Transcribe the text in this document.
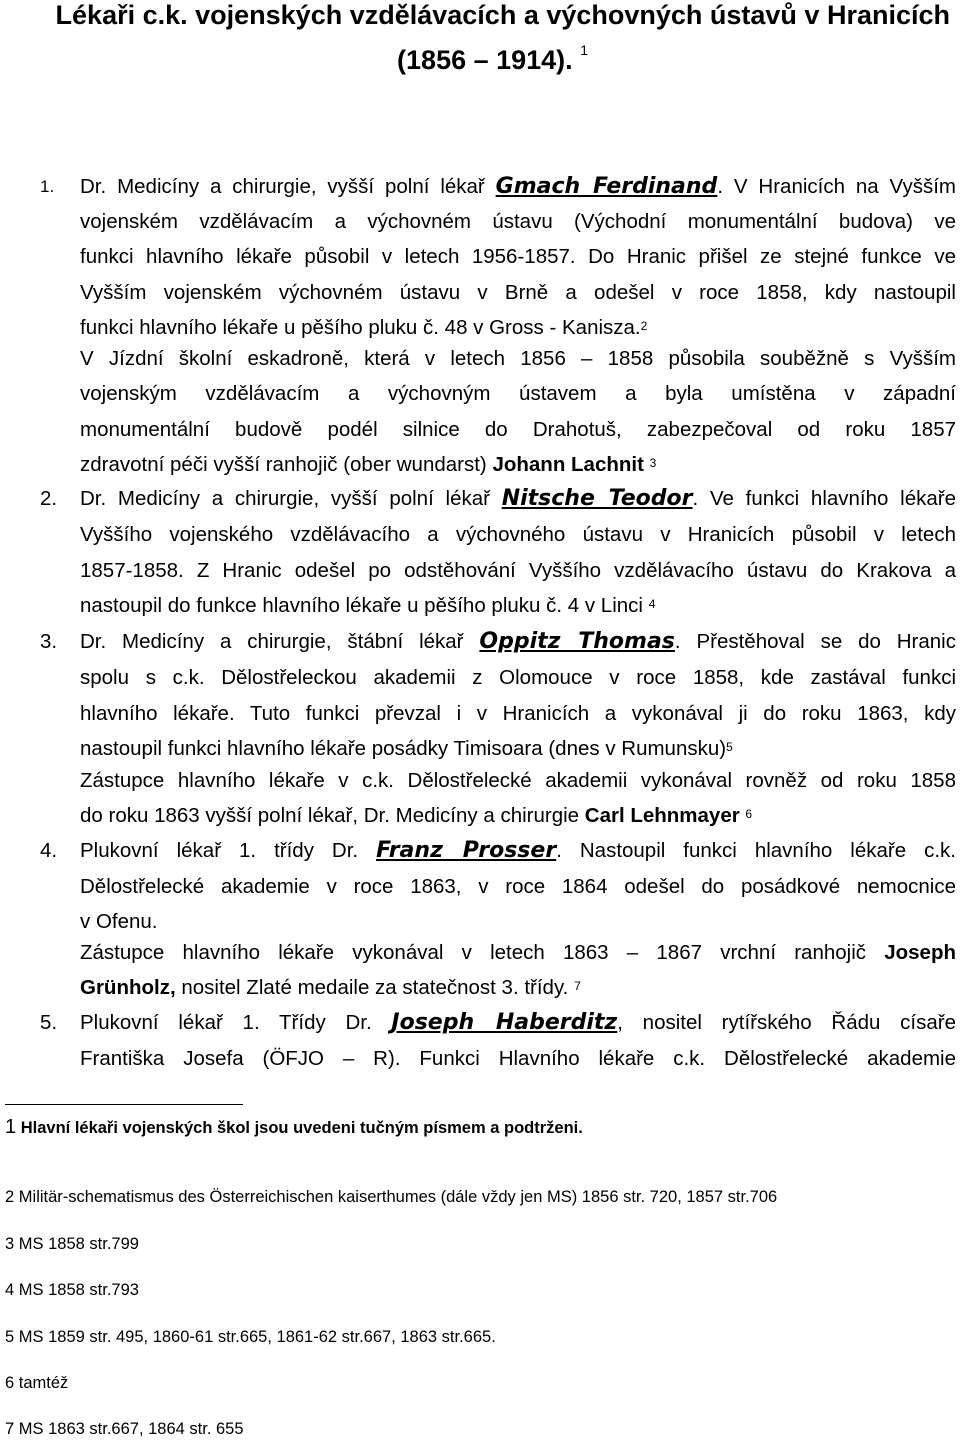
Lékaři c.k. vojenských vzdělávacích a výchovných ústavů v Hranicích
(1856 – 1914). $^1$
1. Dr. Medicíny a chirurgie, vyšší polní lékař Gmach Ferdinand. V Hranicích na Vyšším
vojenském vzdělávacím a výchovném ústavu (Východní monumentální budova) ve
funkci hlavního lékaře působil v letech 1956-1857. Do Hranic přišel ze stejné funkce ve
Vyšším vojenském výchovném ústavu v Brně a odešel v roce 1858, kdy nastoupil
funkci hlavního lékaře u pěšího pluku č. 48 v Gross - Kanisza.$^2$
V Jízdní školní eskadroně, která v letech 1856 – 1858 působila souběžně s Vyšším
vojenským vzdělávacím a výchovným ústavem a byla umístěna v západní
monumentální budově podél silnice do Drahotuš, zabezpečoval od roku 1857
zdravotní péči vyšší ranhojič (ober wundarst) Johann Lachnit $^3$
2. Dr. Medicíny a chirurgie, vyšší polní lékař Nitsche Teodor. Ve funkci hlavního lékaře
Vyššího vojenského vzdělávacího a výchovného ústavu v Hranicích působil v letech
1857-1858. Z Hranic odešel po odstěhování Vyššího vzdělávacího ústavu do Krakova a
nastoupil do funkce hlavního lékaře u pěšího pluku č. 4 v Linci $^4$
3. Dr. Medicíny a chirurgie, štábní lékař Oppitz Thomas. Přestěhoval se do Hranic
spolu s c.k. Dělostřeleckou akademii z Olomouce v roce 1858, kde zastával funkci
hlavního lékaře. Tuto funkci převzal i v Hranicích a vykonával ji do roku 1863, kdy
nastoupil funkci hlavního lékaře posádky Timisoara (dnes v Rumunsku)$^5$
Zástupce hlavního lékaře v c.k. Dělostřelecké akademii vykonával rovněž od roku 1858
do roku 1863 vyšší polní lékař, Dr. Medicíny a chirurgie Carl Lehnmayer $^6$
4. Plukovní lékař 1. třídy Dr. Franz Prosser. Nastoupil funkci hlavního lékaře c.k.
Dělostřelecké akademie v roce 1863, v roce 1864 odešel do posádkové nemocnice
v Ofenu.
Zástupce hlavního lékaře vykonával v letech 1863 – 1867 vrchní ranhojič Joseph
Grünholz, nositel Zlaté medaile za statečnost 3. třídy. $^7$
5. Plukovní lékař 1. Třídy Dr. Joseph Haberditz, nositel rytířského Řádu císaře
Františka Josefa (ÖFJO – R). Funkci Hlavního lékaře c.k. Dělostřelecké akademie
1 Hlavní lékaři vojenských škol jsou uvedeni tučným písmem a podtrženi.
2 Militär-schematismus des Österreichischen kaiserthumes (dále vždy jen MS) 1856 str. 720, 1857 str.706
3 MS 1858 str.799
4 MS 1858 str.793
5 MS 1859 str. 495, 1860-61 str.665, 1861-62 str.667, 1863 str.665.
6 tamtéž
7 MS 1863 str.667, 1864 str. 655
